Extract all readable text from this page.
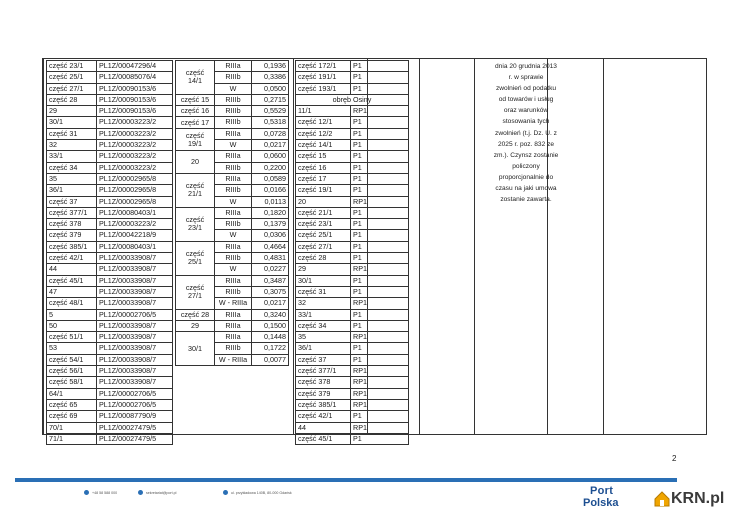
część 23/1	PL1Z/00047296/4
część 25/1	PL1Z/00085076/4
część 27/1	PL1Z/00090153/6
część 28	PL1Z/00090153/6
29	PL1Z/00090153/6
30/1	PL1Z/00003223/2
część 31	PL1Z/00003223/2
32	PL1Z/00003223/2
33/1	PL1Z/00003223/2
część 34	PL1Z/00003223/2
35	PL1Z/00002965/8
36/1	PL1Z/00002965/8
część 37	PL1Z/00002965/8
część 377/1	PL1Z/00080403/1
część 378	PL1Z/00003223/2
część 379	PL1Z/00042218/9
część 385/1	PL1Z/00080403/1
część 42/1	PL1Z/00033908/7
44	PL1Z/00033908/7
część 45/1	PL1Z/00033908/7
47	PL1Z/00033908/7
część 48/1	PL1Z/00033908/7
5	PL1Z/00002706/5
50	PL1Z/00033908/7
część 51/1	PL1Z/00033908/7
53	PL1Z/00033908/7
część 54/1	PL1Z/00033908/7
część 56/1	PL1Z/00033908/7
część 58/1	PL1Z/00033908/7
64/1	PL1Z/00002706/5
część 65	PL1Z/00002706/5
część 69	PL1Z/00087790/9
70/1	PL1Z/00027479/5
71/1	PL1Z/00027479/5
część 14/1	RIIIa	0,1936
	RIIIb	0,3386
	W	0,0500
część 15	RIIIb	0,2715
część 16	RIIIb	0,5529
część 17	RIIIb	0,5318
część 19/1	RIIIa	0,0728
	W	0,0217
20	RIIIa	0,0600
	RIIIb	0,2200
część 21/1	RIIIa	0,0589
	RIIIb	0,0166
	W	0,0113
część 23/1	RIIIa	0,1820
	RIIIb	0,1379
	W	0,0306
część 25/1	RIIIa	0,4664
	RIIIb	0,4831
	W	0,0227
część 27/1	RIIIa	0,3487
	RIIIb	0,3075
	W - RIIIa	0,0217
część 28	RIIIa	0,3240
29	RIIIa	0,1500
30/1	RIIIa	0,1448
	RIIIb	0,1722
	W - RIIIa	0,0077
część 172/1	P1
część 191/1	P1
część 193/1	P1
obręb Osiny	
11/1	RP1
część 12/1	P1
część 12/2	P1
część 14/1	P1
część 15	P1
część 16	P1
część 17	P1
część 19/1	P1
20	RP1
część 21/1	P1
część 23/1	P1
część 25/1	P1
część 27/1	P1
część 28	P1
29	RP1
30/1	P1
część 31	P1
32	RP1
33/1	P1
część 34	P1
35	RP1
36/1	P1
część 37	P1
część 377/1	RP1
część 378	RP1
część 379	RP1
część 385/1	RP1
część 42/1	P1
44	RP1
część 45/1	P1
dnia 20 grudnia 2013
r. w sprawie
zwolnień od podatku
od towarów i usług
oraz warunków
stosowania tych
zwolnień (t.j. Dz. U. z
2025 r. poz. 832 ze
zm.). Czynsz zostanie
policzony
proporcjonalnie do
czasu na jaki umowa
zostanie zawarta.
2
+48 58 588 000	sekretariat@port.pl	ul. przykładowa 140B, 80-000 Gdańsk	Port
Polska	KRN.pl
